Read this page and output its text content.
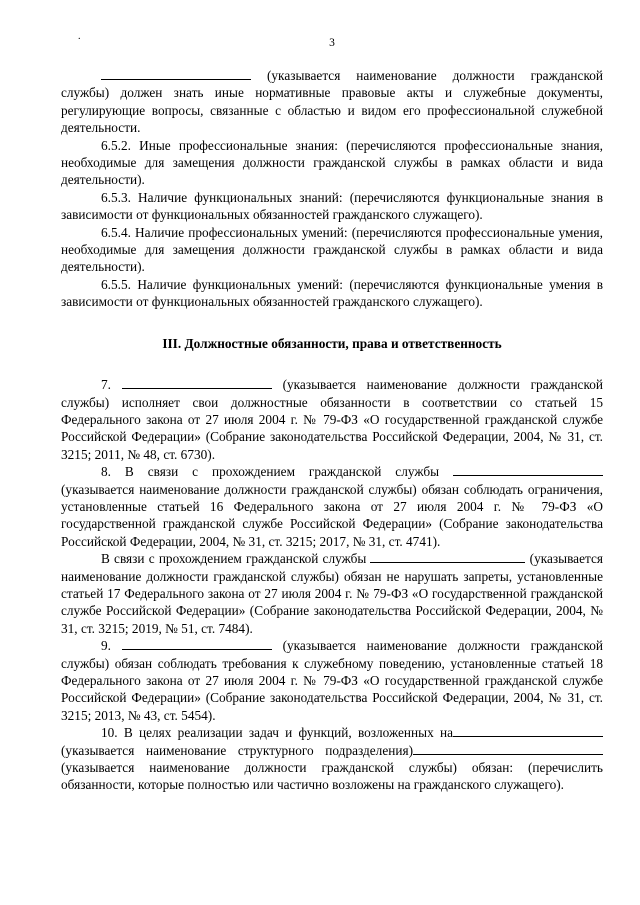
.
3

(указывается наименование должности гражданской службы) должен знать иные нормативные правовые акты и служебные документы, регулирующие вопросы, связанные с областью и видом его профессиональной служебной деятельности.

6.5.2. Иные профессиональные знания: (перечисляются профессиональные знания, необходимые для замещения должности гражданской службы в рамках области и вида деятельности).

6.5.3. Наличие функциональных знаний: (перечисляются функциональные знания в зависимости от функциональных обязанностей гражданского служащего).

6.5.4. Наличие профессиональных умений: (перечисляются профессиональные умения, необходимые для замещения должности гражданской службы в рамках области и вида деятельности).

6.5.5. Наличие функциональных умений: (перечисляются функциональные умения в зависимости от функциональных обязанностей гражданского служащего).

III. Должностные обязанности, права и ответственность

7.	(указывается наименование должности гражданской службы) исполняет свои должностные обязанности в соответствии со статьей 15 Федерального закона от 27 июля 2004 г. № 79-ФЗ «О государственной гражданской службе Российской Федерации» (Собрание законодательства Российской Федерации, 2004, № 31, ст. 3215; 2011, № 48, ст. 6730).

8. В связи с прохождением гражданской службы  (указывается наименование должности гражданской службы) обязан соблюдать ограничения, установленные статьей 16 Федерального закона от 27 июля 2004 г. № 79-ФЗ «О государственной гражданской службе Российской Федерации» (Собрание законодательства Российской Федерации, 2004, № 31, ст. 3215; 2017, № 31, ст. 4741).

В связи с прохождением гражданской службы	(указывается наименование должности гражданской службы) обязан не нарушать запреты, установленные статьей 17 Федерального закона от 27 июля 2004 г. № 79-ФЗ «О государственной гражданской службе Российской Федерации» (Собрание законодательства Российской Федерации, 2004, № 31, ст. 3215; 2019, № 51, ст. 7484).

9.	(указывается наименование должности гражданской службы) обязан соблюдать требования к служебному поведению, установленные статьей 18 Федерального закона от 27 июля 2004 г. № 79-ФЗ «О государственной гражданской службе Российской Федерации» (Собрание законодательства Российской Федерации, 2004, № 31, ст. 3215; 2013, № 43, ст. 5454).

10. В целях реализации задач и функций, возложенных на (указывается наименование структурного подразделения) (указывается наименование должности гражданской службы) обязан: (перечислить обязанности, которые полностью или частично возложены на гражданского служащего).
